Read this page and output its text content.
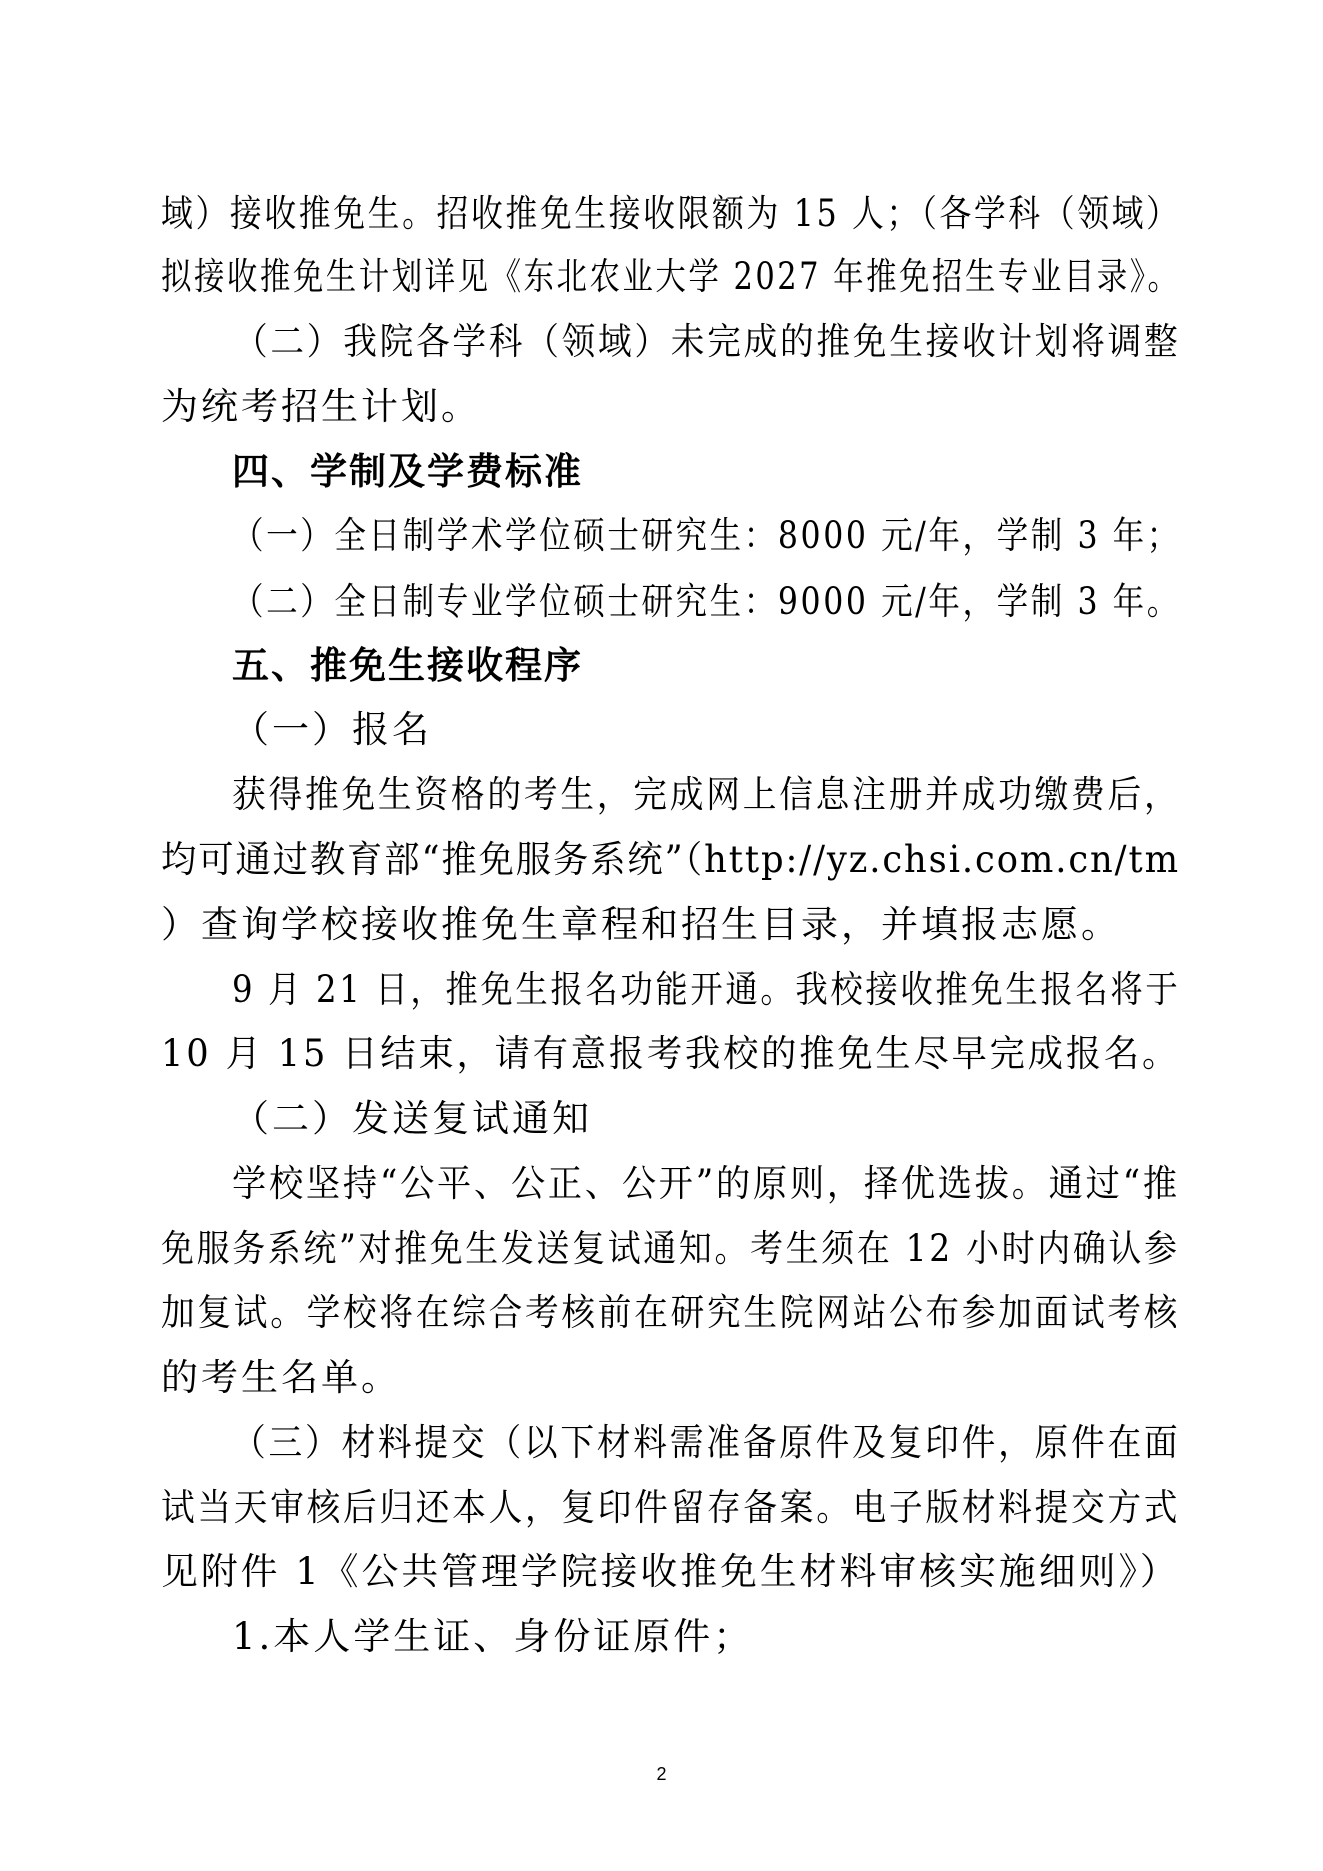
域）接收推免生。招收推免生接收限额为 15 人；（各学科（领域）
拟接收推免生计划详见《东北农业大学 2027 年推免招生专业目录》。
（二）我院各学科（领域）未完成的推免生接收计划将调整
为统考招生计划。
四、学制及学费标准
（一）全日制学术学位硕士研究生：8000 元/年，学制 3 年；
（二）全日制专业学位硕士研究生：9000 元/年，学制 3 年。
五、推免生接收程序
（一）报名
获得推免生资格的考生，完成网上信息注册并成功缴费后，
均可通过教育部“推免服务系统”（http://yz.chsi.com.cn/tm
）查询学校接收推免生章程和招生目录，并填报志愿。
9 月 21 日，推免生报名功能开通。我校接收推免生报名将于
10 月 15 日结束，请有意报考我校的推免生尽早完成报名。
（二）发送复试通知
学校坚持“公平、公正、公开”的原则，择优选拔。通过“推
免服务系统”对推免生发送复试通知。考生须在 12 小时内确认参
加复试。学校将在综合考核前在研究生院网站公布参加面试考核
的考生名单。
（三）材料提交（以下材料需准备原件及复印件，原件在面
试当天审核后归还本人，复印件留存备案。电子版材料提交方式
见附件 1《公共管理学院接收推免生材料审核实施细则》）
1.本人学生证、身份证原件；
2
